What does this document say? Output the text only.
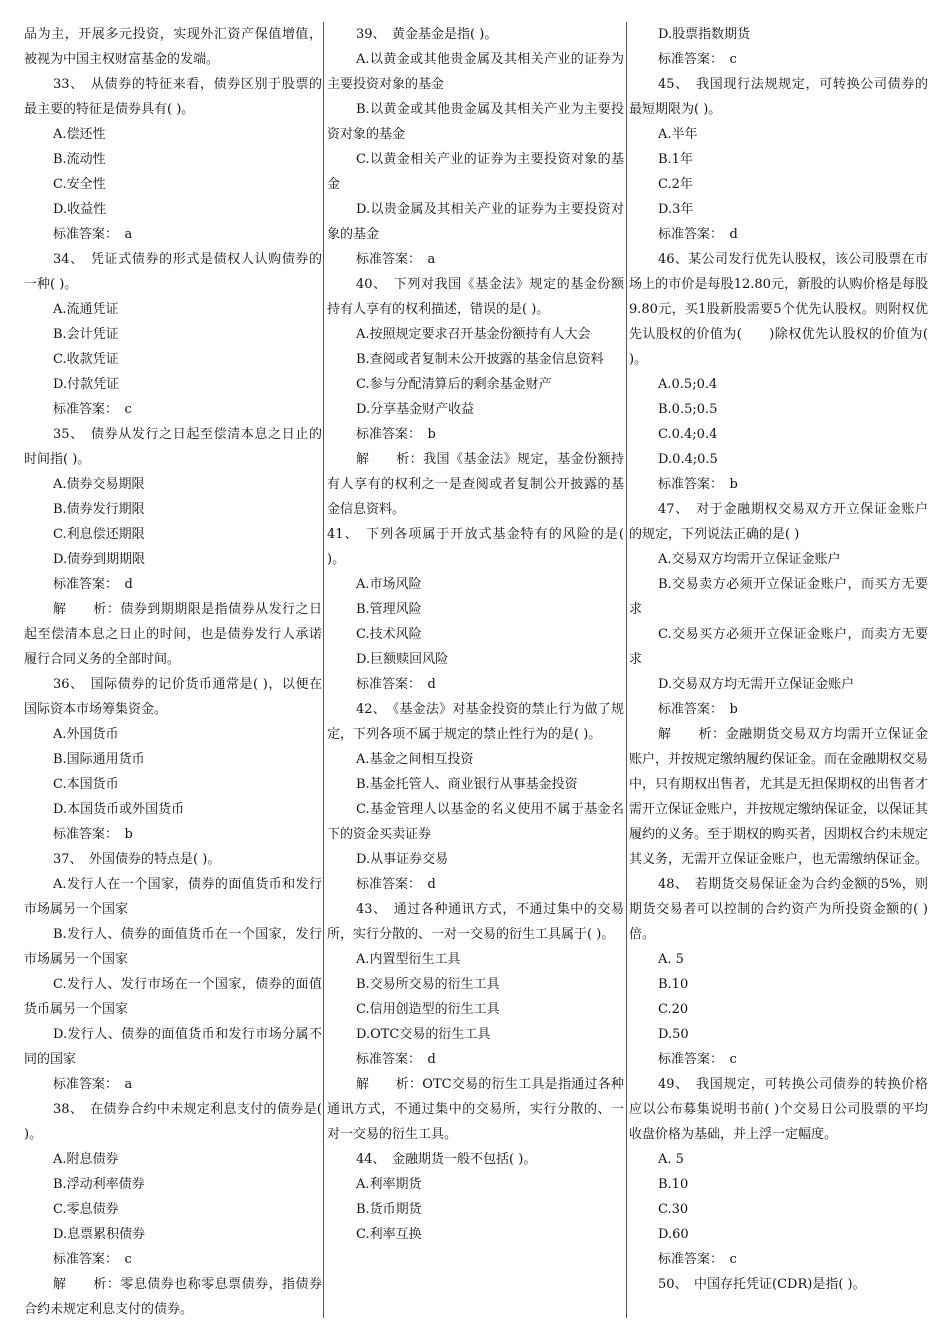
品为主，开展多元投资，实现外汇资产保值增值，被视为中国主权财富基金的发端。

33、　从债券的特征来看，债券区别于股票的最主要的特征是债券具有( )。

A.偿还性

B.流动性

C.安全性

D.收益性

标准答案：　a

34、　凭证式债券的形式是债权人认购债券的一种( )。

A.流通凭证

B.会计凭证

C.收款凭证

D.付款凭证

标准答案：　c

35、　债券从发行之日起至偿清本息之日止的时间指( )。

A.债券交易期限

B.债券发行期限

C.利息偿还期限

D.债券到期期限

标准答案：　d

解　　析：债券到期期限是指债券从发行之日起至偿清本息之日止的时间，也是债券发行人承诺履行合同义务的全部时间。

36、　国际债券的记价货币通常是( )，以便在国际资本市场筹集资金。

A.外国货币

B.国际通用货币

C.本国货币

D.本国货币或外国货币

标准答案：　b

37、　外国债券的特点是( )。

A.发行人在一个国家，债券的面值货币和发行市场属另一个国家

B.发行人、债券的面值货币在一个国家，发行市场属另一个国家

C.发行人、发行市场在一个国家，债券的面值货币属另一个国家

D.发行人、债券的面值货币和发行市场分属不同的国家

标准答案：　a

38、　在债券合约中未规定利息支付的债券是( )。

A.附息债券

B.浮动利率债券

C.零息债券

D.息票累积债券

标准答案：　c

解　　析：零息债券也称零息票债券，指债券合约未规定利息支付的债券。

39、　黄金基金是指( )。

A.以黄金或其他贵金属及其相关产业的证券为主要投资对象的基金

B.以黄金或其他贵金属及其相关产业为主要投资对象的基金

C.以黄金相关产业的证券为主要投资对象的基金

D.以贵金属及其相关产业的证券为主要投资对象的基金

标准答案：　a

40、　下列对我国《基金法》规定的基金份额持有人享有的权利描述，错误的是( )。

A.按照规定要求召开基金份额持有人大会

B.查阅或者复制未公开披露的基金信息资料

C.参与分配清算后的剩余基金财产

D.分享基金财产收益

标准答案：　b

解　　析：我国《基金法》规定，基金份额持有人享有的权利之一是查阅或者复制公开披露的基金信息资料。

41、　下列各项属于开放式基金特有的风险的是( )。

A.市场风险

B.管理风险

C.技术风险

D.巨额赎回风险

标准答案：　d

42、　《基金法》对基金投资的禁止行为做了规定，下列各项不属于规定的禁止性行为的是( )。

A.基金之间相互投资

B.基金托管人、商业银行从事基金投资

C.基金管理人以基金的名义使用不属于基金名下的资金买卖证券

D.从事证券交易

标准答案：　d

43、　通过各种通讯方式，不通过集中的交易所，实行分散的、一对一交易的衍生工具属于( )。

A.内置型衍生工具

B.交易所交易的衍生工具

C.信用创造型的衍生工具

D.OTC交易的衍生工具

标准答案：　d

解　　析：OTC交易的衍生工具是指通过各种通讯方式，不通过集中的交易所，实行分散的、一对一交易的衍生工具。

44、　金融期货一般不包括( )。

A.利率期货

B.货币期货

C.利率互换

D.股票指数期货

标准答案：　c

45、　我国现行法规规定，可转换公司债券的最短期限为( )。

A.半年

B.1年

C.2年

D.3年

标准答案：　d

46、某公司发行优先认股权，该公司股票在市场上的市价是每股12.80元，新股的认购价格是每股9.80元，买1股新股需要5个优先认股权。则附权优先认股权的价值为(　　)除权优先认股权的价值为( )。

A.0.5;0.4

B.0.5;0.5

C.0.4;0.4

D.0.4;0.5

标准答案：　b

47、　对于金融期权交易双方开立保证金账户的规定，下列说法正确的是( )

A.交易双方均需开立保证金账户

B.交易卖方必须开立保证金账户，而买方无要求

C.交易买方必须开立保证金账户，而卖方无要求

D.交易双方均无需开立保证金账户

标准答案：　b

解　　析：金融期货交易双方均需开立保证金账户，并按规定缴纳履约保证金。而在金融期权交易中，只有期权出售者，尤其是无担保期权的出售者才需开立保证金账户，并按规定缴纳保证金，以保证其履约的义务。至于期权的购买者，因期权合约未规定其义务，无需开立保证金账户，也无需缴纳保证金。

48、　若期货交易保证金为合约金额的5%，则期货交易者可以控制的合约资产为所投资金额的( )倍。

A. 5

B.10

C.20

D.50

标准答案：　c

49、　我国规定，可转换公司债券的转换价格应以公布募集说明书前( )个交易日公司股票的平均收盘价格为基础，并上浮一定幅度。

A. 5

B.10

C.30

D.60

标准答案：　c

50、　中国存托凭证(CDR)是指( )。
